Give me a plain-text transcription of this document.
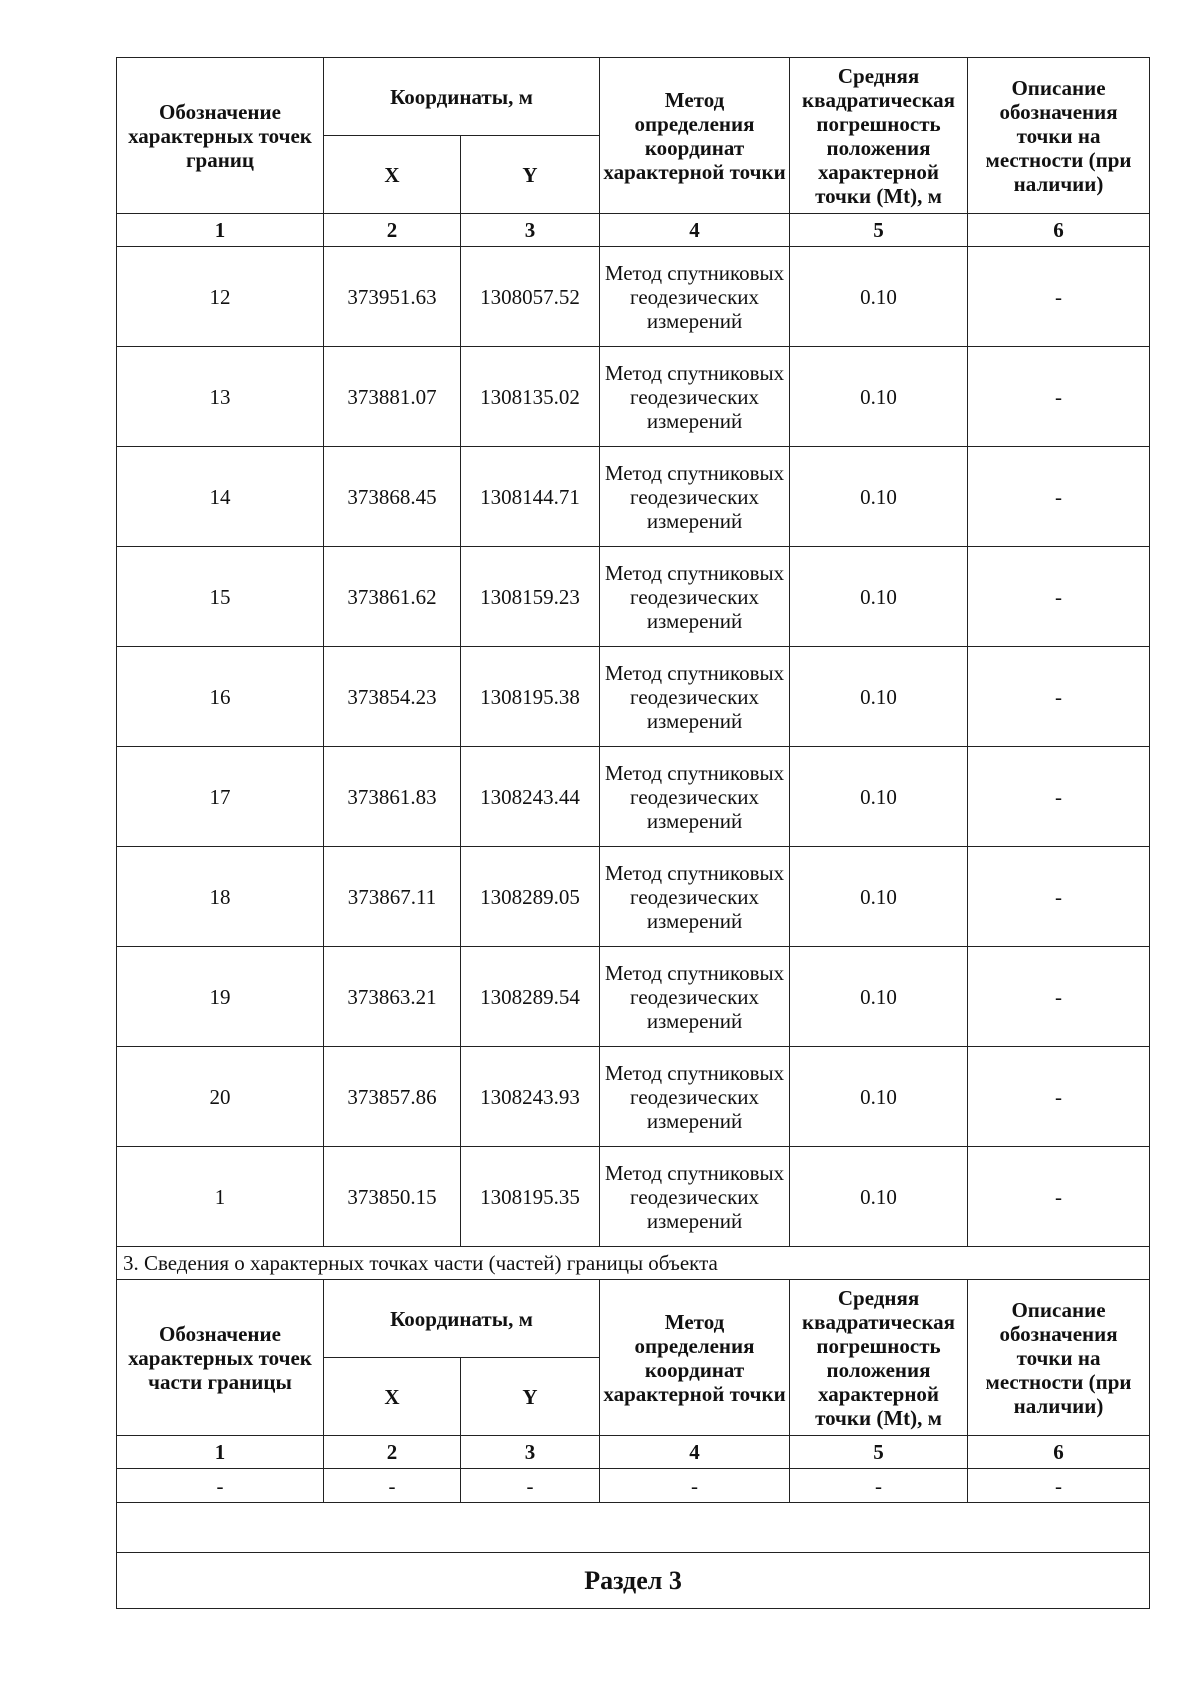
Обозначение характерных точек границ	Координаты, м		Метод определения координат характерной точки	Средняя квадратическая погрешность положения характерной точки (Mt), м	Описание обозначения точки на местности (при наличии)
	X	Y			
1	2	3	4	5	6
12	373951.63	1308057.52	Метод спутниковых геодезических измерений	0.10	-
13	373881.07	1308135.02	Метод спутниковых геодезических измерений	0.10	-
14	373868.45	1308144.71	Метод спутниковых геодезических измерений	0.10	-
15	373861.62	1308159.23	Метод спутниковых геодезических измерений	0.10	-
16	373854.23	1308195.38	Метод спутниковых геодезических измерений	0.10	-
17	373861.83	1308243.44	Метод спутниковых геодезических измерений	0.10	-
18	373867.11	1308289.05	Метод спутниковых геодезических измерений	0.10	-
19	373863.21	1308289.54	Метод спутниковых геодезических измерений	0.10	-
20	373857.86	1308243.93	Метод спутниковых геодезических измерений	0.10	-
1	373850.15	1308195.35	Метод спутниковых геодезических измерений	0.10	-
3. Сведения о характерных точках части (частей) границы объекта					
Обозначение характерных точек части границы	Координаты, м		Метод определения координат характерной точки	Средняя квадратическая погрешность положения характерной точки (Mt), м	Описание обозначения точки на местности (при наличии)
	X	Y			
1	2	3	4	5	6
-	-	-	-	-	-

Раздел 3					
